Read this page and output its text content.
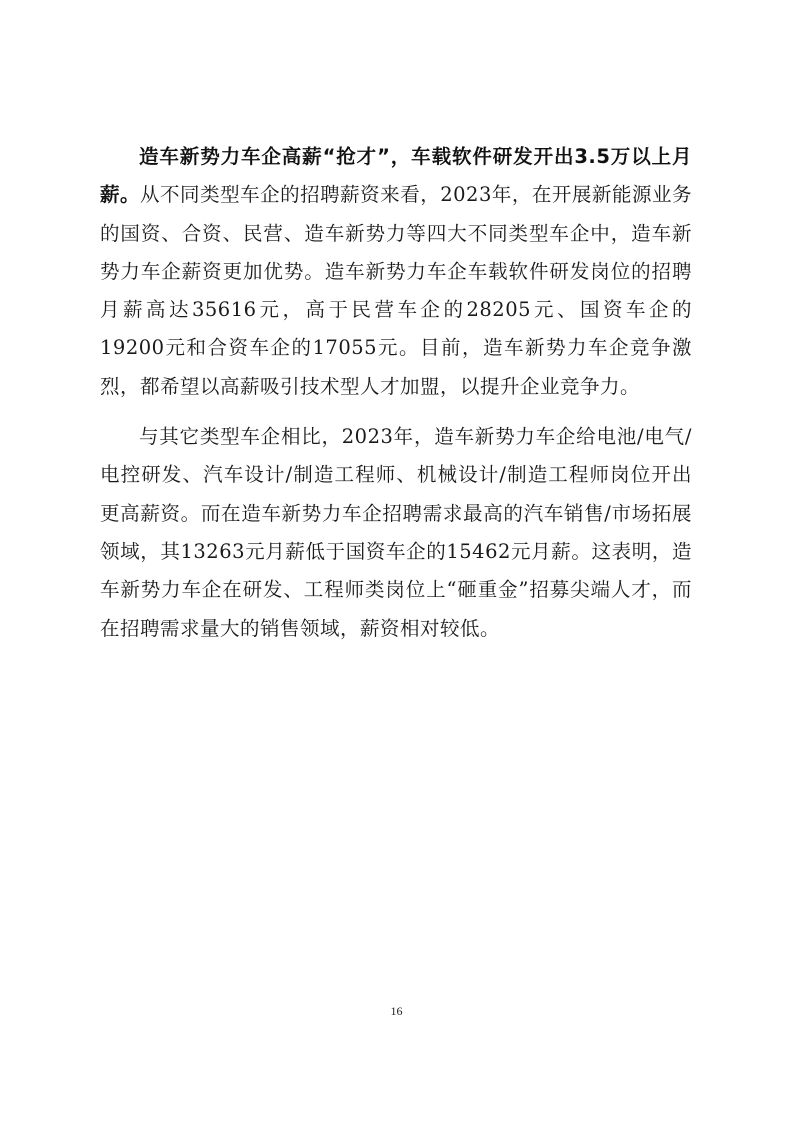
造车新势力车企高薪“抢才”，车载软件研发开出3.5万以上月薪。从不同类型车企的招聘薪资来看，2023年，在开展新能源业务的国资、合资、民营、造车新势力等四大不同类型车企中，造车新势力车企薪资更加优势。造车新势力车企车载软件研发岗位的招聘月薪高达35616元，高于民营车企的28205元、国资车企的19200元和合资车企的17055元。目前，造车新势力车企竞争激烈，都希望以高薪吸引技术型人才加盟，以提升企业竞争力。

与其它类型车企相比，2023年，造车新势力车企给电池/电气/电控研发、汽车设计/制造工程师、机械设计/制造工程师岗位开出更高薪资。而在造车新势力车企招聘需求最高的汽车销售/市场拓展领域，其13263元月薪低于国资车企的15462元月薪。这表明，造车新势力车企在研发、工程师类岗位上“砸重金”招募尖端人才，而在招聘需求量大的销售领域，薪资相对较低。

16
